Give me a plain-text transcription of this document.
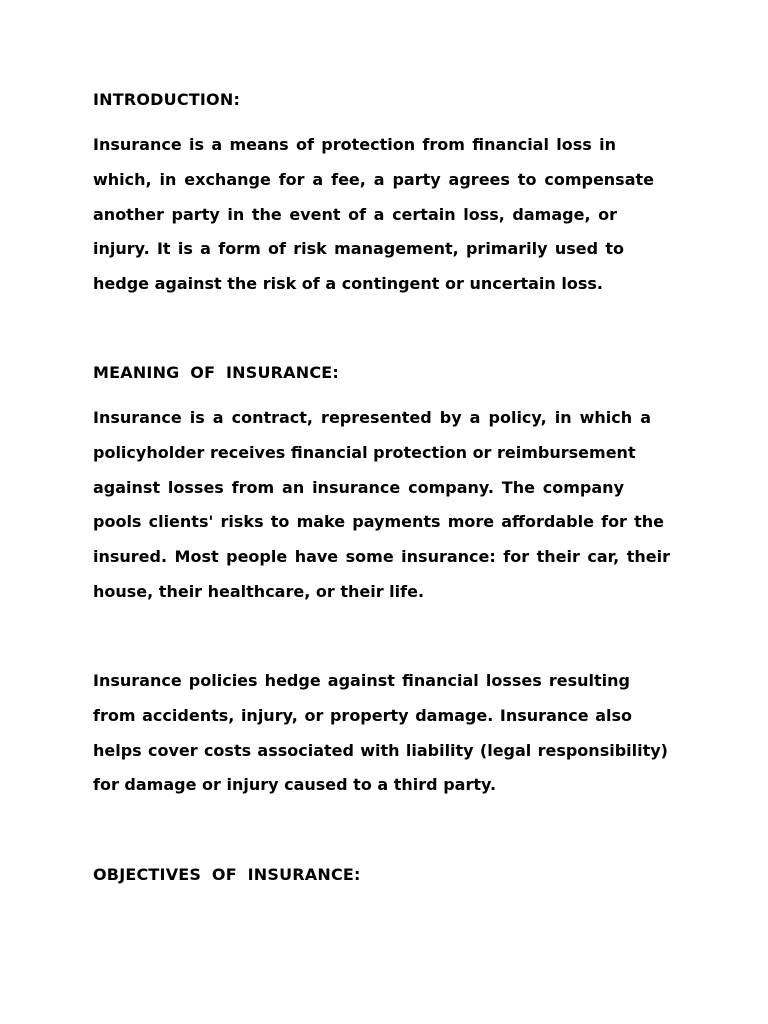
INTRODUCTION:
Insurance is a means of protection from financial loss in
which, in exchange for a fee, a party agrees to compensate
another party in the event of a certain loss, damage, or
injury. It is a form of risk management, primarily used to
hedge against the risk of a contingent or uncertain loss.
MEANING OF INSURANCE:
Insurance is a contract, represented by a policy, in which a
policyholder receives financial protection or reimbursement
against losses from an insurance company. The company
pools clients' risks to make payments more affordable for the
insured. Most people have some insurance: for their car, their
house, their healthcare, or their life.
Insurance policies hedge against financial losses resulting
from accidents, injury, or property damage. Insurance also
helps cover costs associated with liability (legal responsibility)
for damage or injury caused to a third party.
OBJECTIVES OF INSURANCE:
